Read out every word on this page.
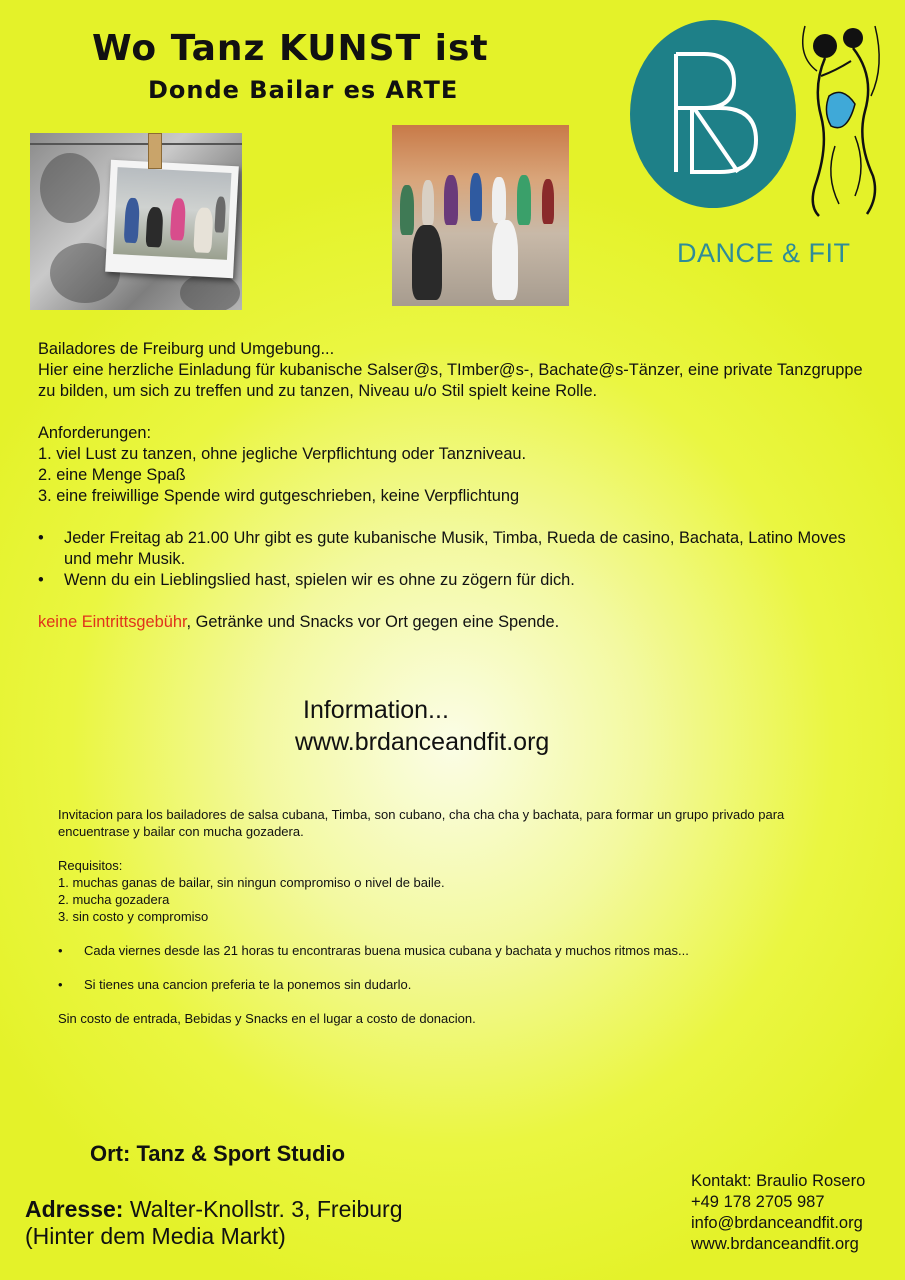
Wo Tanz KUNST ist
Donde Bailar es ARTE
DANCE & FIT

Bailadores de Freiburg und Umgebung...

Hier eine herzliche Einladung für kubanische Salser@s, TImber@s-, Bachate@s-Tänzer, eine private Tanzgruppe zu bilden, um sich zu treffen und zu tanzen, Niveau u/o Stil spielt keine Rolle.

Anforderungen:

1. viel Lust zu tanzen, ohne jegliche Verpflichtung oder Tanzniveau.

2. eine Menge Spaß

3. eine freiwillige Spende wird gutgeschrieben, keine Verpflichtung

•	Jeder Freitag ab 21.00 Uhr gibt es gute kubanische Musik, Timba, Rueda de casino, Bachata, Latino Moves und mehr Musik.
•	Wenn du ein Lieblingslied hast, spielen wir es ohne zu zögern für dich.

keine Eintrittsgebühr, Getränke und Snacks vor Ort gegen eine Spende.

Information...
www.brdanceandfit.org

Invitacion para los bailadores de salsa cubana, Timba, son cubano, cha cha cha y bachata, para formar un grupo privado para encuentrase y bailar con mucha gozadera.

Requisitos:

1. muchas ganas de bailar, sin ningun compromiso o nivel de baile.

2. mucha gozadera

3. sin costo y compromiso

•	Cada viernes desde las 21 horas tu encontraras buena musica cubana y bachata y muchos ritmos mas...
•	Si tienes una cancion preferia te la ponemos sin dudarlo.

Sin costo de entrada, Bebidas y Snacks en el lugar a costo de donacion.

Ort: Tanz & Sport Studio
Adresse: Walter-Knollstr. 3, Freiburg
(Hinter dem Media Markt)
Kontakt: Braulio Rosero
+49 178 2705 987
info@brdanceandfit.org
www.brdanceandfit.org
